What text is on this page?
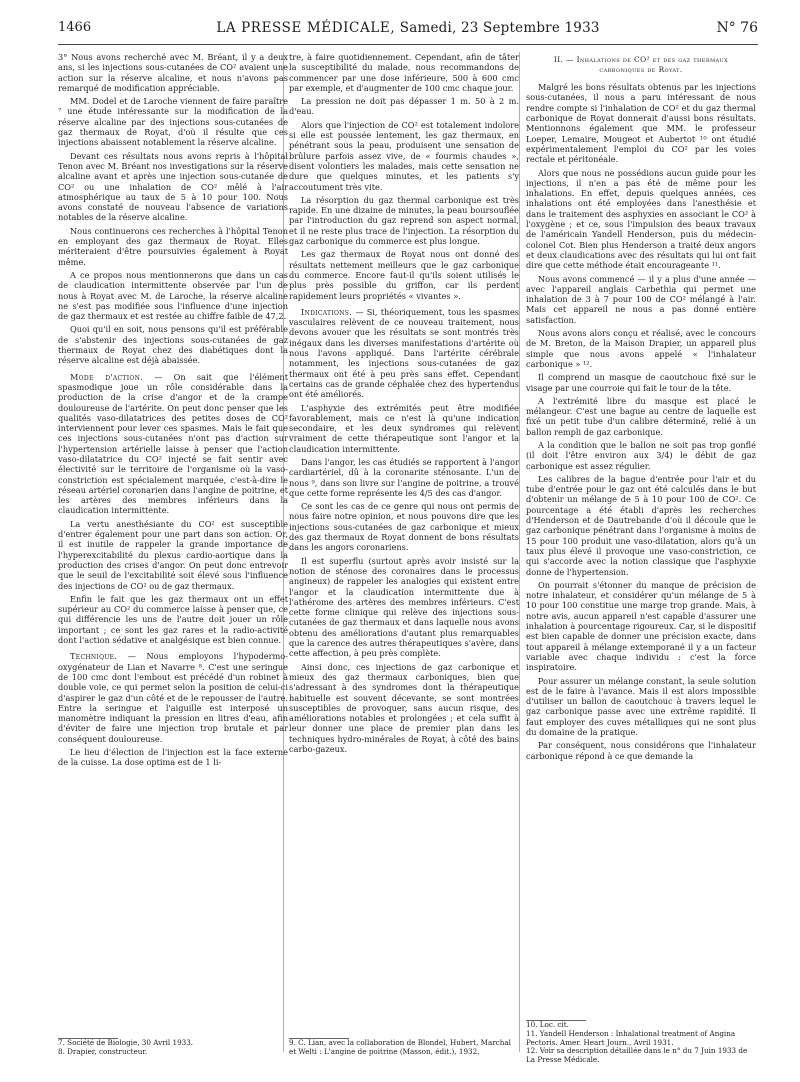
1466	LA PRESSE MÉDICALE, Samedi, 23 Septembre 1933	N° 76

3° Nous avons recherché avec M. Bréant, il y a deux ans, si les injections sous-cutanées de CO² avaient une action sur la réserve alcaline, et nous n'avons pas remarqué de modification appréciable.

MM. Dodel et de Laroche viennent de faire paraître ⁷ une étude intéressante sur la modification de la réserve alcaline par des injections sous-cutanées de gaz thermaux de Royat, d'où il résulte que ces injections abaissent notablement la réserve alcaline.

Devant ces résultats nous avons repris à l'hôpital Tenon avec M. Bréant nos investigations sur la réserve alcaline avant et après une injection sous-cutanée de CO² ou une inhalation de CO² mêlé à l'air atmosphérique au taux de 5 à 10 pour 100. Nous avons constaté de nouveau l'absence de variations notables de la réserve alcaline.

Nous continuerons ces recherches à l'hôpital Tenon en employant des gaz thermaux de Royat. Elles mériteraient d'être poursuivies également à Royat même.

A ce propos nous mentionnerons que dans un cas de claudication intermittente observée par l'un de nous à Royat avec M. de Laroche, la réserve alcaline ne s'est pas modifiée sous l'influence d'une injection de gaz thermaux et est restée au chiffre faible de 47,2.

Quoi qu'il en soit, nous pensons qu'il est préférable de s'abstenir des injections sous-cutanées de gaz thermaux de Royat chez des diabétiques dont la réserve alcaline est déjà abaissée.

Mode d'action. — On sait que l'élément spasmodique joue un rôle considérable dans la production de la crise d'angor et de la crampe douloureuse de l'artérite. On peut donc penser que les qualités vaso-dilatatrices des petites doses de CO² interviennent pour lever ces spasmes. Mais le fait que ces injections sous-cutanées n'ont pas d'action sur l'hypertension artérielle laisse à penser que l'action vaso-dilatatrice du CO² injecté se fait sentir avec électivité sur le territoire de l'organisme où la vaso-constriction est spécialement marquée, c'est-à-dire le réseau artériel coronarien dans l'angine de poitrine, et les artères des membres inférieurs dans la claudication intermittente.

La vertu anesthésiante du CO² est susceptible d'entrer également pour une part dans son action. Or, il est inutile de rappeler la grande importance de l'hyperexcitabilité du plexus cardio-aortique dans la production des crises d'angor. On peut donc entrevoir que le seuil de l'excitabilité soit élevé sous l'influence des injections de CO² ou de gaz thermaux.

Enfin le fait que les gaz thermaux ont un effet supérieur au CO² du commerce laisse à penser que, ce qui différencie les uns de l'autre doit jouer un rôle important ; ce sont les gaz rares et la radio-activité dont l'action sédative et analgésique est bien connue.

Technique. — Nous employons l'hypodermo-oxygénateur de Lian et Navarre ⁸. C'est une seringue de 100 cmc dont l'embout est précédé d'un robinet à double voie, ce qui permet selon la position de celui-ci d'aspirer le gaz d'un côté et de le repousser de l'autre. Entre la seringue et l'aiguille est interposé un manomètre indiquant la pression en litres d'eau, afin d'éviter de faire une injection trop brutale et par conséquent douloureuse.

Le lieu d'élection de l'injection est la face externe de la cuisse. La dose optima est de 1 li-

7. Société de Biologie, 30 Avril 1933.
8. Drapier, constructeur.

tre, à faire quotidiennement. Cependant, afin de tâter la susceptibilité du malade, nous recommandons de commencer par une dose inférieure, 500 à 600 cmc par exemple, et d'augmenter de 100 cmc chaque jour.

La pression ne doit pas dépasser 1 m. 50 à 2 m. d'eau.

Alors que l'injection de CO² est totalement indolore si elle est poussée lentement, les gaz thermaux, en pénétrant sous la peau, produisent une sensation de brûlure parfois assez vive, de « fourmis chaudes », disent volontiers les malades, mais cette sensation ne dure que quelques minutes, et les patients s'y accoutument très vite.

La résorption du gaz thermal carbonique est très rapide. En une dizaine de minutes, la peau boursouflée par l'introduction du gaz reprend son aspect normal, et il ne reste plus trace de l'injection. La résorption du gaz carbonique du commerce est plus longue.

Les gaz thermaux de Royat nous ont donné des résultats nettement meilleurs que le gaz carbonique du commerce. Encore faut-il qu'ils soient utilisés le plus près possible du griffon, car ils perdent rapidement leurs propriétés « vivantes ».

Indications. — Si, théoriquement, tous les spasmes vasculaires relèvent de ce nouveau traitement, nous devons avouer que les résultats se sont montrés très inégaux dans les diverses manifestations d'artérite où nous l'avons appliqué. Dans l'artérite cérébrale notamment, les injections sous-cutanées de gaz thermaux ont été à peu près sans effet. Cependant certains cas de grande céphalée chez des hypertendus ont été améliorés.

L'asphyxie des extrémités peut être modifiée favorablement, mais ce n'est là qu'une indication secondaire, et les deux syndromes qui relèvent vraiment de cette thérapeutique sont l'angor et la claudication intermittente.

Dans l'angor, les cas étudiés se rapportent à l'angor cardiartériel, dû à la coronarite sténosante. L'un de nous ⁹, dans son livre sur l'angine de poitrine, a trouvé que cette forme représente les 4/5 des cas d'angor.

Ce sont les cas de ce genre qui nous ont permis de nous faire notre opinion, et nous pouvons dire que les injections sous-cutanées de gaz carbonique et mieux des gaz thermaux de Royat donnent de bons résultats dans les angors coronariens.

Il est superflu (surtout après avoir insisté sur la notion de sténose des coronaires dans le processus angineux) de rappeler les analogies qui existent entre l'angor et la claudication intermittente due à l'athérome des artères des membres inférieurs. C'est cette forme clinique qui relève des injections sous-cutanées de gaz thermaux et dans laquelle nous avons obtenu des améliorations d'autant plus remarquables que la carence des autres thérapeutiques s'avère, dans cette affection, à peu près complète.

Ainsi donc, ces injections de gaz carbonique et mieux des gaz thermaux carboniques, bien que s'adressant à des syndromes dont la thérapeutique habituelle est souvent décevante, se sont montrées susceptibles de provoquer, sans aucun risque, des améliorations notables et prolongées ; et cela suffit à leur donner une place de premier plan dans les techniques hydro-minérales de Royat, à côté des bains carbo-gazeux.

9. C. Lian, avec la collaboration de Blondel, Hubert, Marchal et Welti : L'angine de poitrine (Masson, édit.), 1932.
II. — Inhalations de CO² et des gaz thermaux carboniques de Royat.

Malgré les bons résultats obtenus par les injections sous-cutanées, il nous a paru intéressant de nous rendre compte si l'inhalation de CO² et du gaz thermal carbonique de Royat donnerait d'aussi bons résultats. Mentionnons également que MM. le professeur Loeper, Lemaire, Mougeot et Aubertot ¹⁰ ont étudié expérimentalement l'emploi du CO² par les voies rectale et péritonéale.

Alors que nous ne possédions aucun guide pour les injections, il n'en a pas été de même pour les inhalations. En effet, depuis quelques années, ces inhalations ont été employées dans l'anesthésie et dans le traitement des asphyxies en associant le CO² à l'oxygène ; et ce, sous l'impulsion des beaux travaux de l'américain Yandell Henderson, puis du médecin-colonel Cot. Bien plus Henderson a traité deux angors et deux claudications avec des résultats qui lui ont fait dire que cette méthode était encourageante ¹¹.

Nous avons commencé — il y a plus d'une année — avec l'appareil anglais Carbethia qui permet une inhalation de 3 à 7 pour 100 de CO² mélangé à l'air. Mais cet appareil ne nous a pas donné entière satisfaction.

Nous avons alors conçu et réalisé, avec le concours de M. Breton, de la Maison Drapier, un appareil plus simple que nous avons appelé « l'inhalateur carbonique » ¹².

Il comprend un masque de caoutchouc fixé sur le visage par une courroie qui fait le tour de la tête.

A l'extrémité libre du masque est placé le mélangeur. C'est une bague au centre de laquelle est fixé un petit tube d'un calibre déterminé, relié à un ballon rempli de gaz carbonique.

A la condition que le ballon ne soit pas trop gonflé (il doit l'être environ aux 3/4) le débit de gaz carbonique est assez régulier.

Les calibres de la bague d'entrée pour l'air et du tube d'entrée pour le gaz ont été calculés dans le but d'obtenir un mélange de 5 à 10 pour 100 de CO². Ce pourcentage a été établi d'après les recherches d'Henderson et de Dautrebande d'où il découle que le gaz carbonique pénétrant dans l'organisme à moins de 15 pour 100 produit une vaso-dilatation, alors qu'à un taux plus élevé il provoque une vaso-constriction, ce qui s'accorde avec la notion classique que l'asphyxie donne de l'hypertension.

On pourrait s'étonner du manque de précision de notre inhalateur, et considérer qu'un mélange de 5 à 10 pour 100 constitue une marge trop grande. Mais, à notre avis, aucun appareil n'est capable d'assurer une inhalation à pourcentage rigoureux. Car, si le dispositif est bien capable de donner une précision exacte, dans tout appareil à mélange extemporané il y a un facteur variable avec chaque individu : c'est la force inspiratoire.

Pour assurer un mélange constant, la seule solution est de le faire à l'avance. Mais il est alors impossible d'utiliser un ballon de caoutchouc à travers lequel le gaz carbonique passe avec une extrême rapidité. Il faut employer des cuves métalliques qui ne sont plus du domaine de la pratique.

Par conséquent, nous considérons que l'inhalateur carbonique répond à ce que demande la

10. Loc. cit.
11. Yandell Henderson : Inhalational treatment of Angina Pectoris. Amer. Heart Journ., Avril 1931.
12. Voir sa description détaillée dans le n° du 7 Juin 1933 de La Presse Médicale.
